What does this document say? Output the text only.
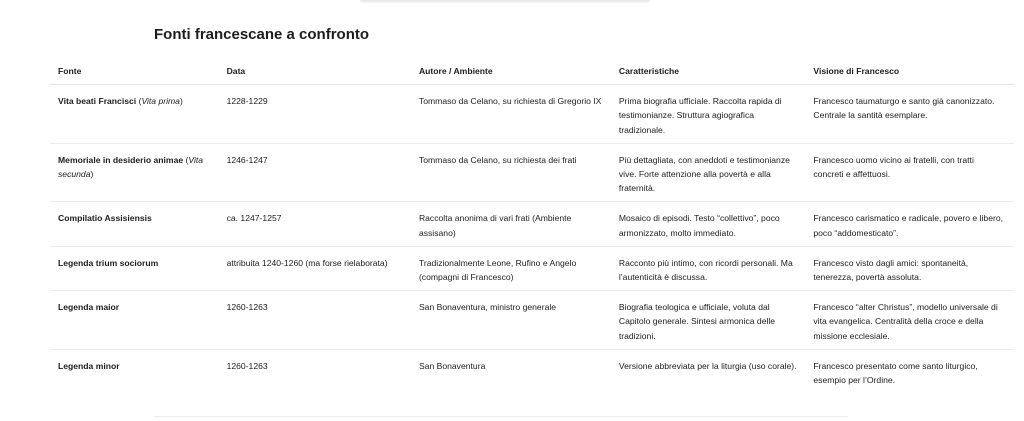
Fonti francescane a confronto
Fonte	Data	Autore / Ambiente	Caratteristiche	Visione di Francesco
Vita beati Francisci (Vita prima)	1228-1229	Tommaso da Celano, su richiesta di Gregorio IX	Prima biografia ufficiale. Raccolta rapida di testimonianze. Struttura agiografica tradizionale.	Francesco taumaturgo e santo già canonizzato. Centrale la santità esemplare.
Memoriale in desiderio animae (Vita secunda)	1246-1247	Tommaso da Celano, su richiesta dei frati	Più dettagliata, con aneddoti e testimonianze vive. Forte attenzione alla povertà e alla fraternità.	Francesco uomo vicino ai fratelli, con tratti concreti e affettuosi.
Compilatio Assisiensis	ca. 1247-1257	Raccolta anonima di vari frati (Ambiente assisano)	Mosaico di episodi. Testo “collettivo”, poco armonizzato, molto immediato.	Francesco carismatico e radicale, povero e libero, poco “addomesticato”.
Legenda trium sociorum	attribuita 1240-1260 (ma forse rielaborata)	Tradizionalmente Leone, Rufino e Angelo (compagni di Francesco)	Racconto più intimo, con ricordi personali. Ma l’autenticità è discussa.	Francesco visto dagli amici: spontaneità, tenerezza, povertà assoluta.
Legenda maior	1260-1263	San Bonaventura, ministro generale	Biografia teologica e ufficiale, voluta dal Capitolo generale. Sintesi armonica delle tradizioni.	Francesco “alter Christus”, modello universale di vita evangelica. Centralità della croce e della missione ecclesiale.
Legenda minor	1260-1263	San Bonaventura	Versione abbreviata per la liturgia (uso corale).	Francesco presentato come santo liturgico, esempio per l’Ordine.
